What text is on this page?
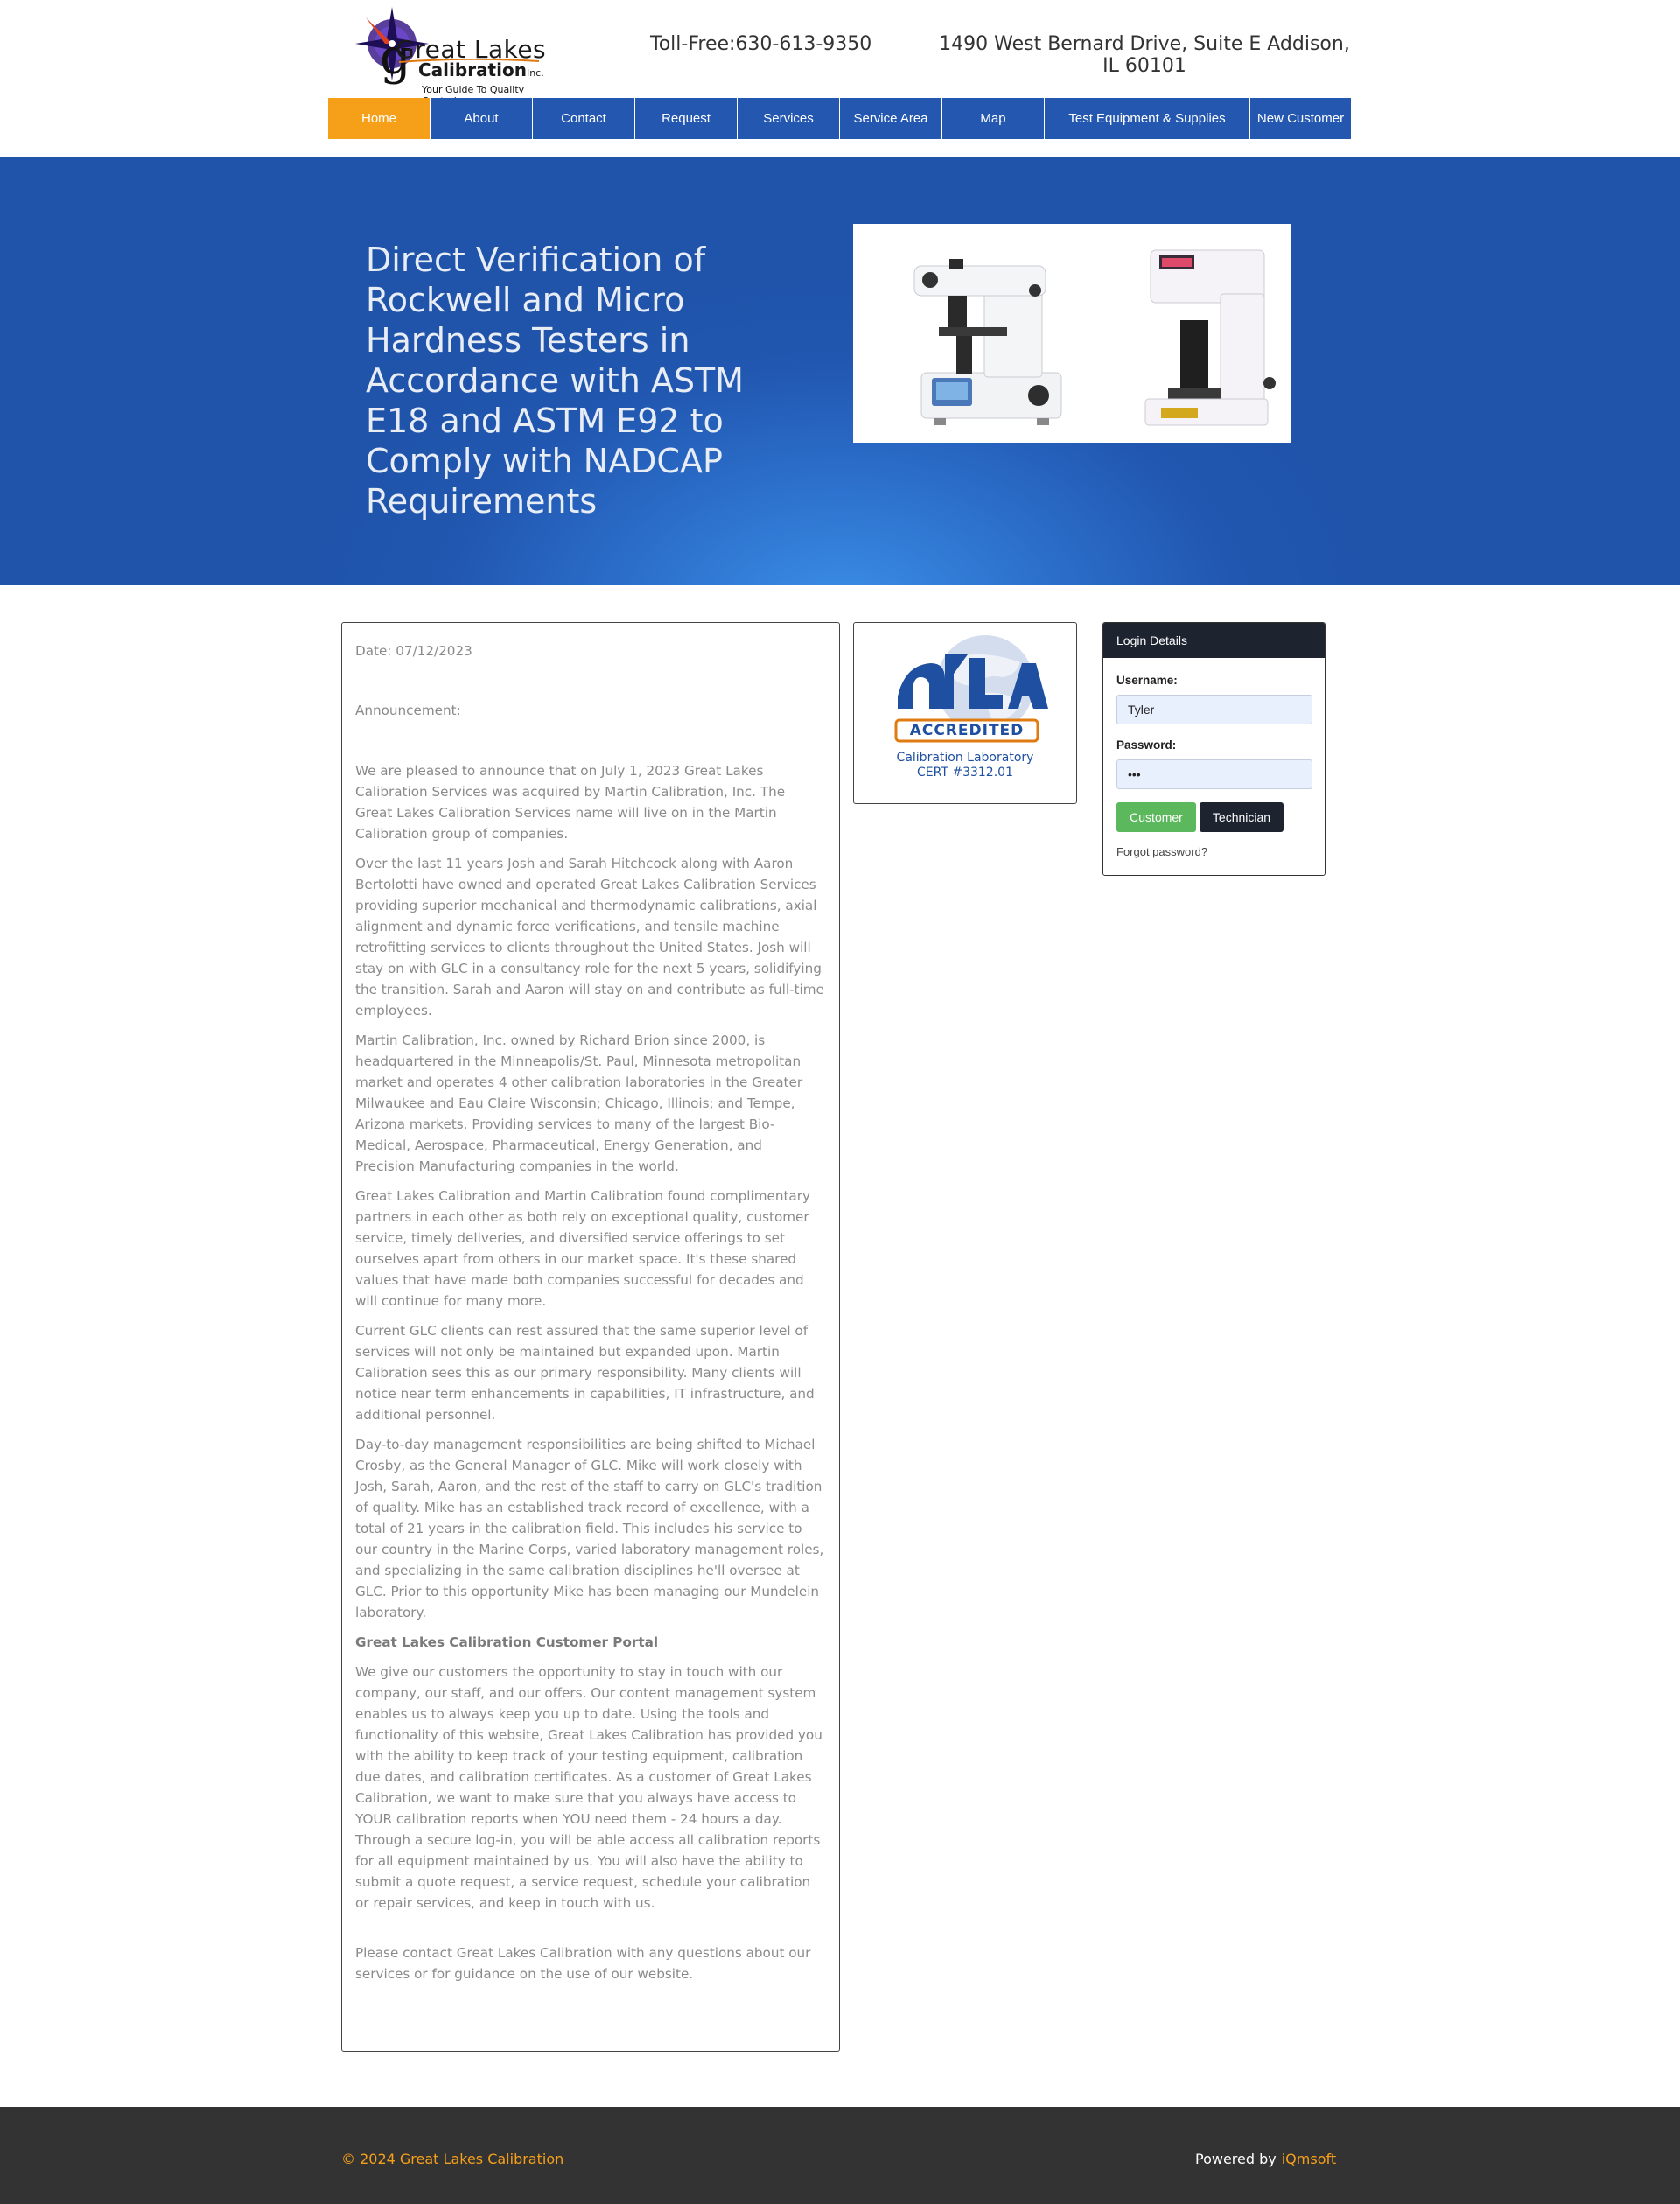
g
Great Lakes
CalibrationInc.
Your Guide To Quality
Toll-Free:630-613-9350	1490 West Bernard Drive, Suite E Addison, IL 60101
Home	About	Contact	Request	Services	Service Area	Map	Test Equipment & Supplies	New Customer
Direct Verification of Rockwell and Micro Hardness Testers in Accordance with ASTM E18 and ASTM E92 to Comply with NADCAP Requirements

Date: 07/12/2023

Announcement:

We are pleased to announce that on July 1, 2023 Great Lakes Calibration Services was acquired by Martin Calibration, Inc. The Great Lakes Calibration Services name will live on in the Martin Calibration group of companies.

Over the last 11 years Josh and Sarah Hitchcock along with Aaron Bertolotti have owned and operated Great Lakes Calibration Services providing superior mechanical and thermodynamic calibrations, axial alignment and dynamic force verifications, and tensile machine retrofitting services to clients throughout the United States. Josh will stay on with GLC in a consultancy role for the next 5 years, solidifying the transition. Sarah and Aaron will stay on and contribute as full-time employees.

Martin Calibration, Inc. owned by Richard Brion since 2000, is headquartered in the Minneapolis/St. Paul, Minnesota metropolitan market and operates 4 other calibration laboratories in the Greater Milwaukee and Eau Claire Wisconsin; Chicago, Illinois; and Tempe, Arizona markets. Providing services to many of the largest Bio-Medical, Aerospace, Pharmaceutical, Energy Generation, and Precision Manufacturing companies in the world.

Great Lakes Calibration and Martin Calibration found complimentary partners in each other as both rely on exceptional quality, customer service, timely deliveries, and diversified service offerings to set ourselves apart from others in our market space. It's these shared values that have made both companies successful for decades and will continue for many more.

Current GLC clients can rest assured that the same superior level of services will not only be maintained but expanded upon. Martin Calibration sees this as our primary responsibility. Many clients will notice near term enhancements in capabilities, IT infrastructure, and additional personnel.

Day-to-day management responsibilities are being shifted to Michael Crosby, as the General Manager of GLC. Mike will work closely with Josh, Sarah, Aaron, and the rest of the staff to carry on GLC's tradition of quality. Mike has an established track record of excellence, with a total of 21 years in the calibration field. This includes his service to our country in the Marine Corps, varied laboratory management roles, and specializing in the same calibration disciplines he'll oversee at GLC. Prior to this opportunity Mike has been managing our Mundelein laboratory.

Great Lakes Calibration Customer Portal

We give our customers the opportunity to stay in touch with our company, our staff, and our offers. Our content management system enables us to always keep you up to date. Using the tools and functionality of this website, Great Lakes Calibration has provided you with the ability to keep track of your testing equipment, calibration due dates, and calibration certificates. As a customer of Great Lakes Calibration, we want to make sure that you always have access to YOUR calibration reports when YOU need them - 24 hours a day. Through a secure log-in, you will be able access all calibration reports for all equipment maintained by us. You will also have the ability to submit a quote request, a service request, schedule your calibration or repair services, and keep in touch with us.

Please contact Great Lakes Calibration with any questions about our services or for guidance on the use of our website.

ACCREDITED
Calibration Laboratory
CERT #3312.01
Login Details
Username:
Tyler
Password:
•••
Customer	Technician
Forgot password?
© 2024 Great Lakes Calibration	Powered by iQmsoft
